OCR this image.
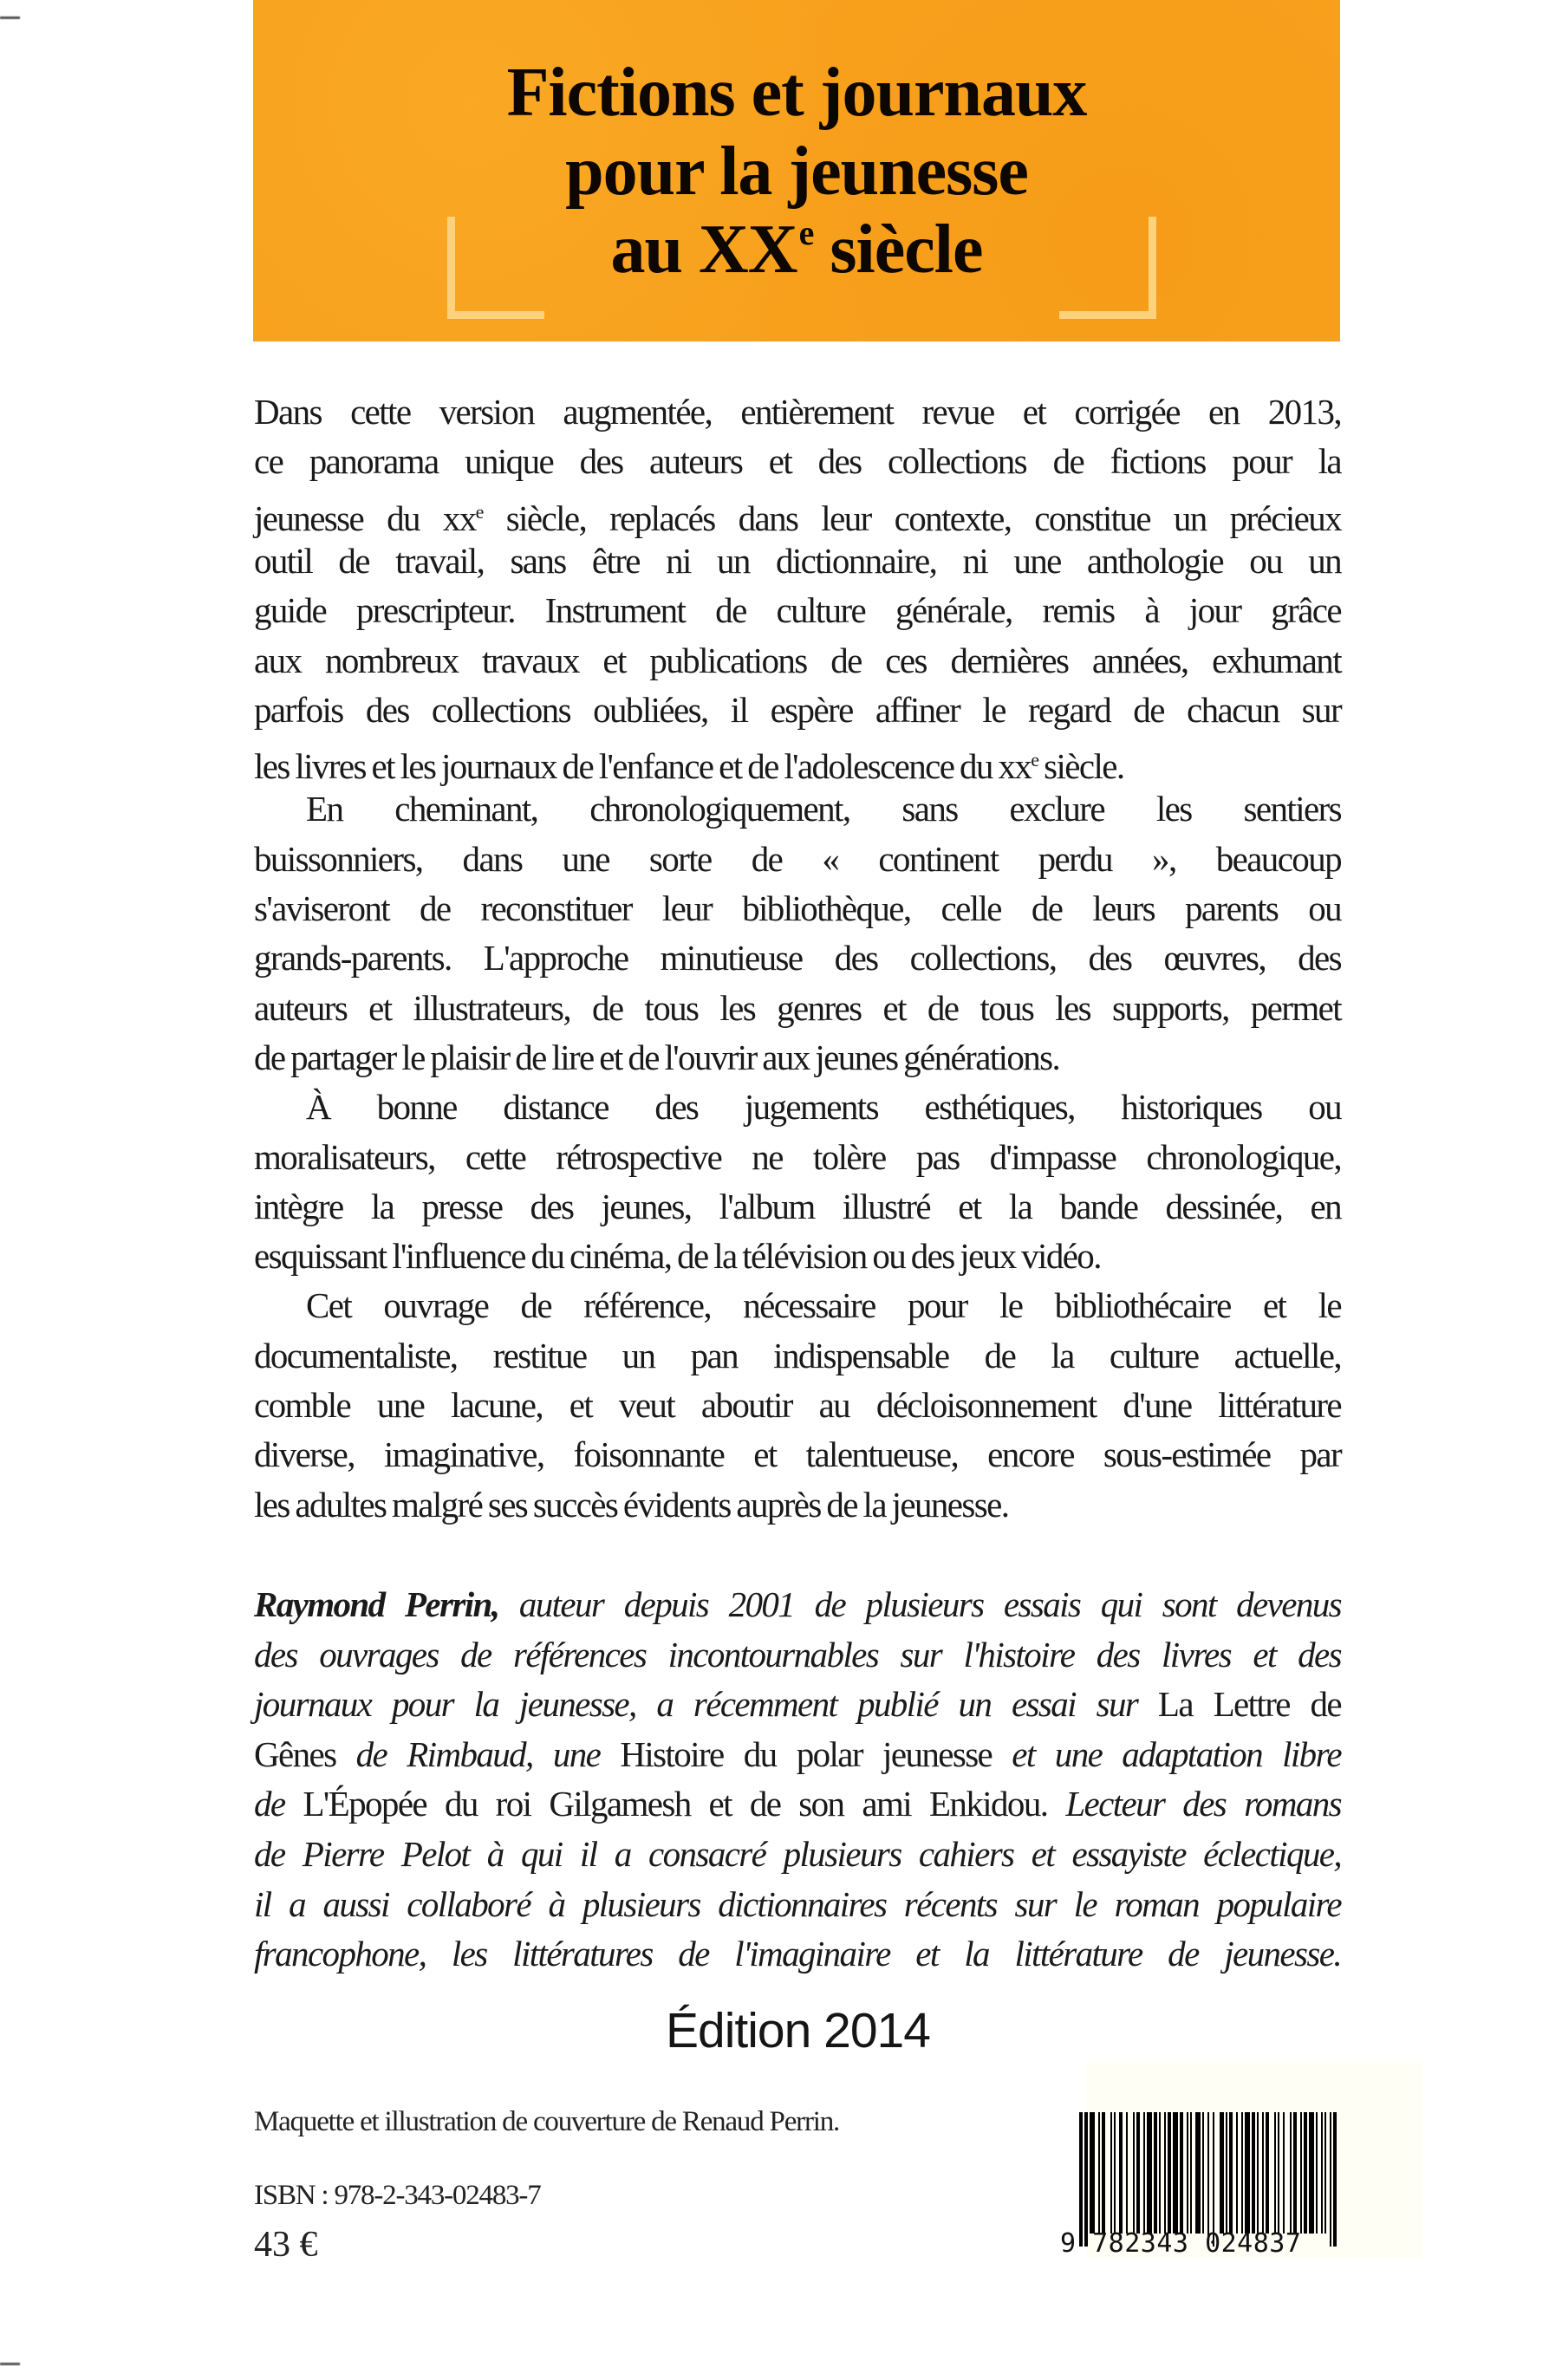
Fictions et journaux
pour la jeunesse
au XXe siècle
Dans cette version augmentée, entièrement revue et corrigée en 2013,
ce panorama unique des auteurs et des collections de fictions pour la
jeunesse du $xx^e$ siècle, replacés dans leur contexte, constitue un précieux
outil de travail, sans être ni un dictionnaire, ni une anthologie ou un
guide prescripteur. Instrument de culture générale, remis à jour grâce
aux nombreux travaux et publications de ces dernières années, exhumant
parfois des collections oubliées, il espère affiner le regard de chacun sur
les livres et les journaux de l'enfance et de l'adolescence du $xx^e$ siècle.
En cheminant, chronologiquement, sans exclure les sentiers
buissonniers, dans une sorte de « continent perdu », beaucoup
s'aviseront de reconstituer leur bibliothèque, celle de leurs parents ou
grands-parents. L'approche minutieuse des collections, des œuvres, des
auteurs et illustrateurs, de tous les genres et de tous les supports, permet
de partager le plaisir de lire et de l'ouvrir aux jeunes générations.
À bonne distance des jugements esthétiques, historiques ou
moralisateurs, cette rétrospective ne tolère pas d'impasse chronologique,
intègre la presse des jeunes, l'album illustré et la bande dessinée, en
esquissant l'influence du cinéma, de la télévision ou des jeux vidéo.
Cet ouvrage de référence, nécessaire pour le bibliothécaire et le
documentaliste, restitue un pan indispensable de la culture actuelle,
comble une lacune, et veut aboutir au décloisonnement d'une littérature
diverse, imaginative, foisonnante et talentueuse, encore sous-estimée par
les adultes malgré ses succès évidents auprès de la jeunesse.
Raymond Perrin, auteur depuis 2001 de plusieurs essais qui sont devenus
des ouvrages de références incontournables sur l'histoire des livres et des
journaux pour la jeunesse, a récemment publié un essai sur La Lettre de
Gênes de Rimbaud, une Histoire du polar jeunesse et une adaptation libre
de L'Épopée du roi Gilgamesh et de son ami Enkidou. Lecteur des romans
de Pierre Pelot à qui il a consacré plusieurs cahiers et essayiste éclectique,
il a aussi collaboré à plusieurs dictionnaires récents sur le roman populaire
francophone, les littératures de l'imaginaire et la littérature de jeunesse.
Édition 2014
Maquette et illustration de couverture de Renaud Perrin.
ISBN : 978-2-343-02483-7
43 €	9 782343 024837
